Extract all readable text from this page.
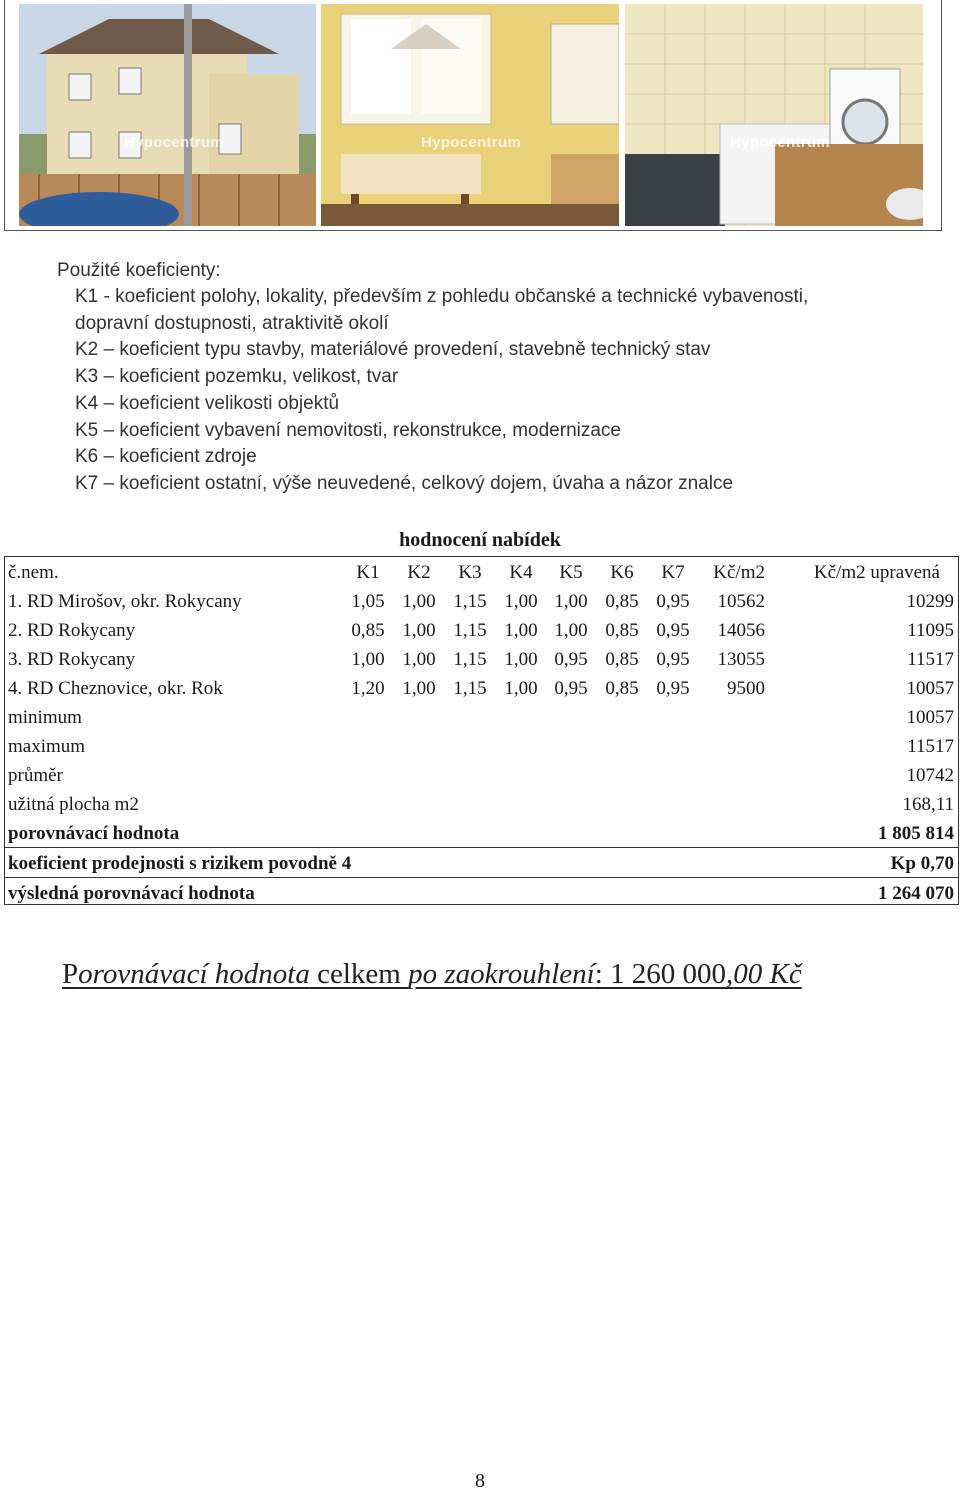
Hypocentrum	Hypocentrum	Hypocentrum
Použité koeficienty:
K1 - koeficient polohy, lokality, především z pohledu občanské a technické vybavenosti,
dopravní dostupnosti, atraktivitě okolí
K2 – koeficient typu stavby, materiálové provedení, stavebně technický stav
K3 – koeficient pozemku, velikost, tvar
K4 – koeficient velikosti objektů
K5 – koeficient vybavení nemovitosti, rekonstrukce, modernizace
K6 – koeficient zdroje
K7 – koeficient ostatní, výše neuvedené, celkový dojem, úvaha a názor znalce
hodnocení nabídek
č.nem.	K1	K2	K3	K4	K5	K6	K7	Kč/m2	Kč/m2 upravená
1. RD Mirošov, okr. Rokycany	1,05 1,00 1,15 1,00 1,00 0,85 0,95	10562	10299
2. RD Rokycany	0,85 1,00 1,15 1,00 1,00 0,85 0,95	14056	11095
3. RD Rokycany	1,00 1,00 1,15 1,00 0,95 0,85 0,95	13055	11517
4. RD Cheznovice, okr. Rok	1,20 1,00 1,15 1,00 0,95 0,85 0,95	9500	10057
minimum	10057
maximum	11517
průměr	10742
užitná plocha m2	168,11
porovnávací hodnota	1 805 814
koeficient prodejnosti s rizikem povodně 4	Kp 0,70
výsledná porovnávací hodnota	1 264 070
Porovnávací hodnota celkem po zaokrouhlení: 1 260 000,00 Kč
8
